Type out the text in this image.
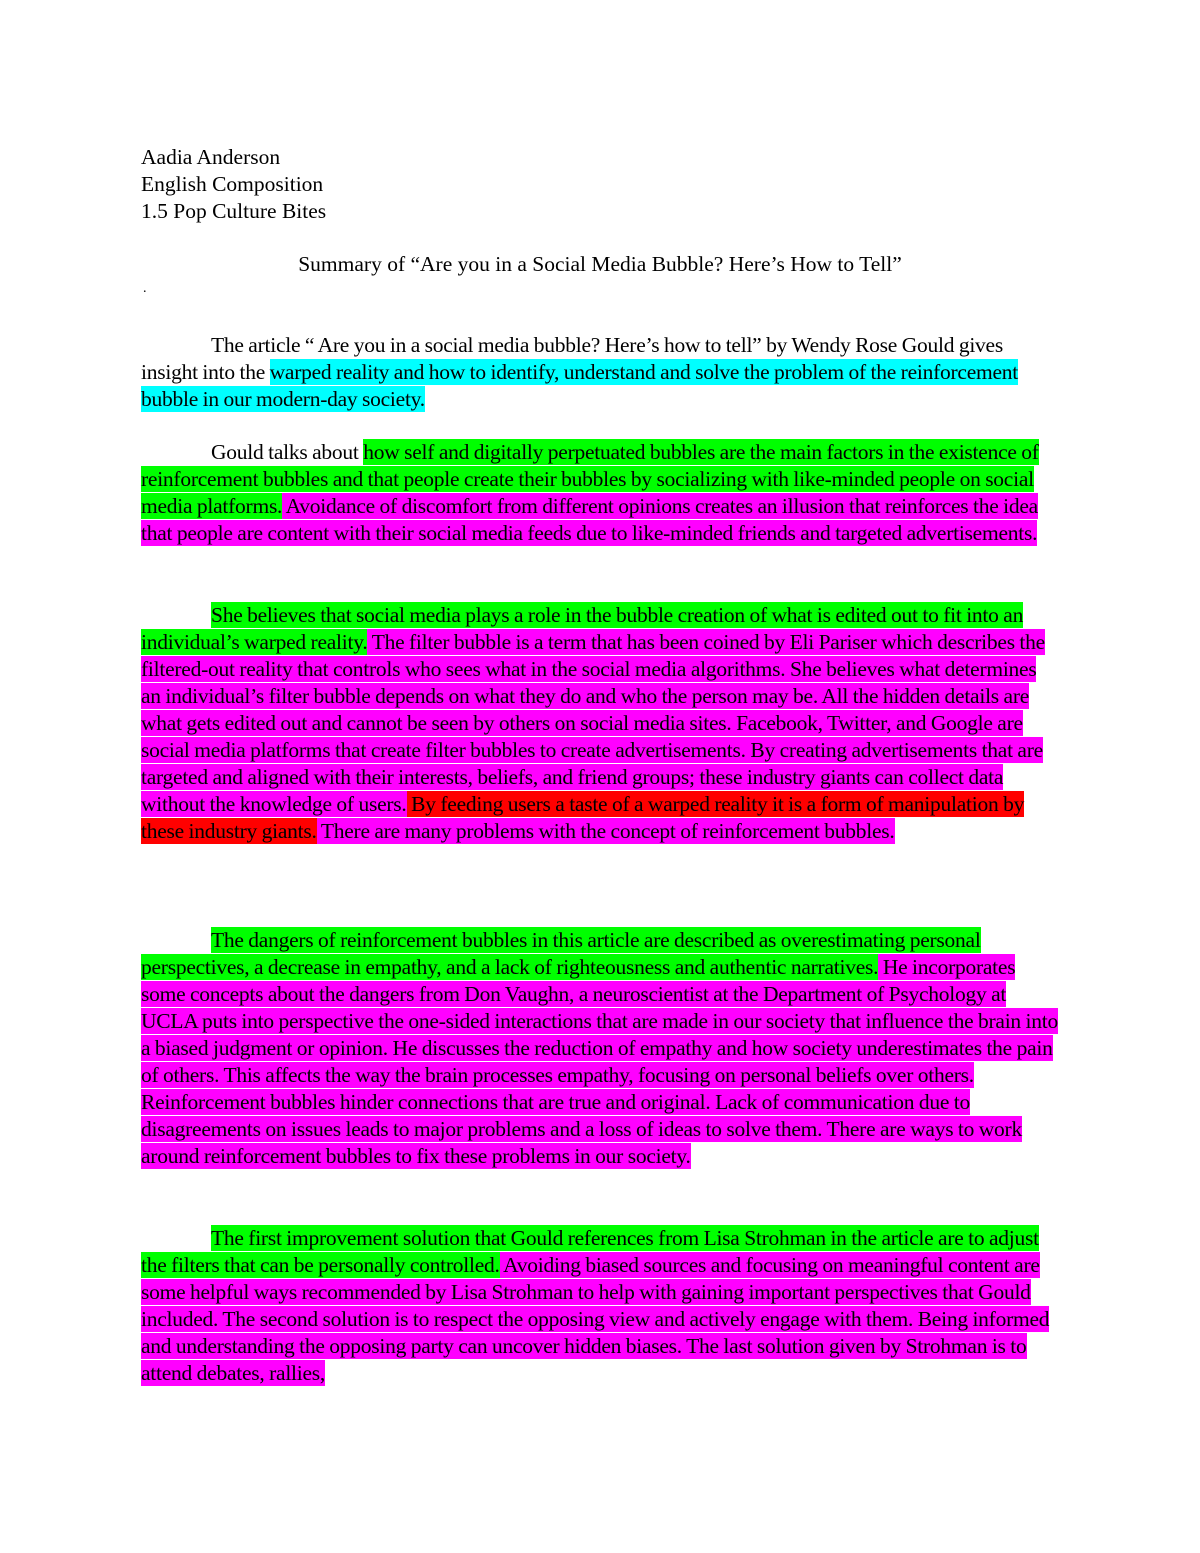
Aadia Anderson
English Composition
1.5 Pop Culture Bites
Summary of “Are you in a Social Media Bubble? Here’s How to Tell”
.
The article “ Are you in a social media bubble? Here’s how to tell” by Wendy Rose Gould gives insight into the warped reality and how to identify, understand and solve the problem of the reinforcement bubble in our modern-day society.
Gould talks about how self and digitally perpetuated bubbles are the main factors in the existence of reinforcement bubbles and that people create their bubbles by socializing with like-minded people on social media platforms. Avoidance of discomfort from different opinions creates an illusion that reinforces the idea that people are content with their social media feeds due to like-minded friends and targeted advertisements.
She believes that social media plays a role in the bubble creation of what is edited out to fit into an individual’s warped reality. The filter bubble is a term that has been coined by Eli Pariser which describes the filtered-out reality that controls who sees what in the social media algorithms. She believes what determines an individual’s filter bubble depends on what they do and who the person may be. All the hidden details are what gets edited out and cannot be seen by others on social media sites. Facebook, Twitter, and Google are social media platforms that create filter bubbles to create advertisements. By creating advertisements that are targeted and aligned with their interests, beliefs, and friend groups; these industry giants can collect data without the knowledge of users. By feeding users a taste of a warped reality it is a form of manipulation by these industry giants. There are many problems with the concept of reinforcement bubbles.
The dangers of reinforcement bubbles in this article are described as overestimating personal perspectives, a decrease in empathy, and a lack of righteousness and authentic narratives. He incorporates some concepts about the dangers from Don Vaughn, a neuroscientist at the Department of Psychology at UCLA puts into perspective the one-sided interactions that are made in our society that influence the brain into a biased judgment or opinion. He discusses the reduction of empathy and how society underestimates the pain of others. This affects the way the brain processes empathy, focusing on personal beliefs over others. Reinforcement bubbles hinder connections that are true and original. Lack of communication due to disagreements on issues leads to major problems and a loss of ideas to solve them. There are ways to work around reinforcement bubbles to fix these problems in our society.
The first improvement solution that Gould references from Lisa Strohman in the article are to adjust the filters that can be personally controlled. Avoiding biased sources and focusing on meaningful content are some helpful ways recommended by Lisa Strohman to help with gaining important perspectives that Gould included. The second solution is to respect the opposing view and actively engage with them. Being informed and understanding the opposing party can uncover hidden biases. The last solution given by Strohman is to attend debates, rallies,
